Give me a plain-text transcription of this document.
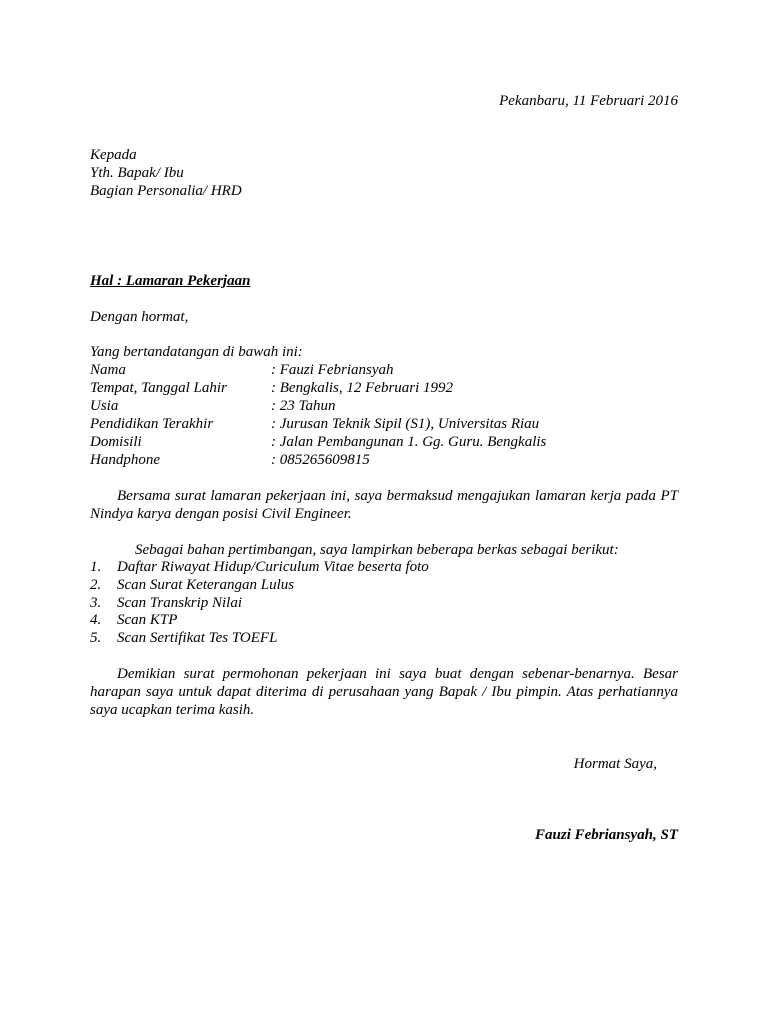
Pekanbaru, 11 Februari 2016
Kepada
Yth. Bapak/ Ibu
Bagian Personalia/ HRD
Hal : Lamaran Pekerjaan
Dengan hormat,
Yang bertandatangan di bawah ini:
Nama	: Fauzi Febriansyah
Tempat, Tanggal Lahir	: Bengkalis, 12 Februari 1992
Usia	: 23 Tahun
Pendidikan Terakhir	: Jurusan Teknik Sipil (S1), Universitas Riau
Domisili	: Jalan Pembangunan 1. Gg. Guru. Bengkalis
Handphone	: 085265609815
Bersama surat lamaran pekerjaan ini, saya bermaksud mengajukan lamaran kerja pada PT
Nindya karya dengan posisi Civil Engineer.
Sebagai bahan pertimbangan, saya lampirkan beberapa berkas sebagai berikut:
1. Daftar Riwayat Hidup/Curiculum Vitae beserta foto
2. Scan Surat Keterangan Lulus
3. Scan Transkrip Nilai
4. Scan KTP
5. Scan Sertifikat Tes TOEFL
Demikian surat permohonan pekerjaan ini saya buat dengan sebenar-benarnya. Besar
harapan saya untuk dapat diterima di perusahaan yang Bapak / Ibu pimpin. Atas perhatiannya
saya ucapkan terima kasih.
Hormat Saya,
Fauzi Febriansyah, ST
